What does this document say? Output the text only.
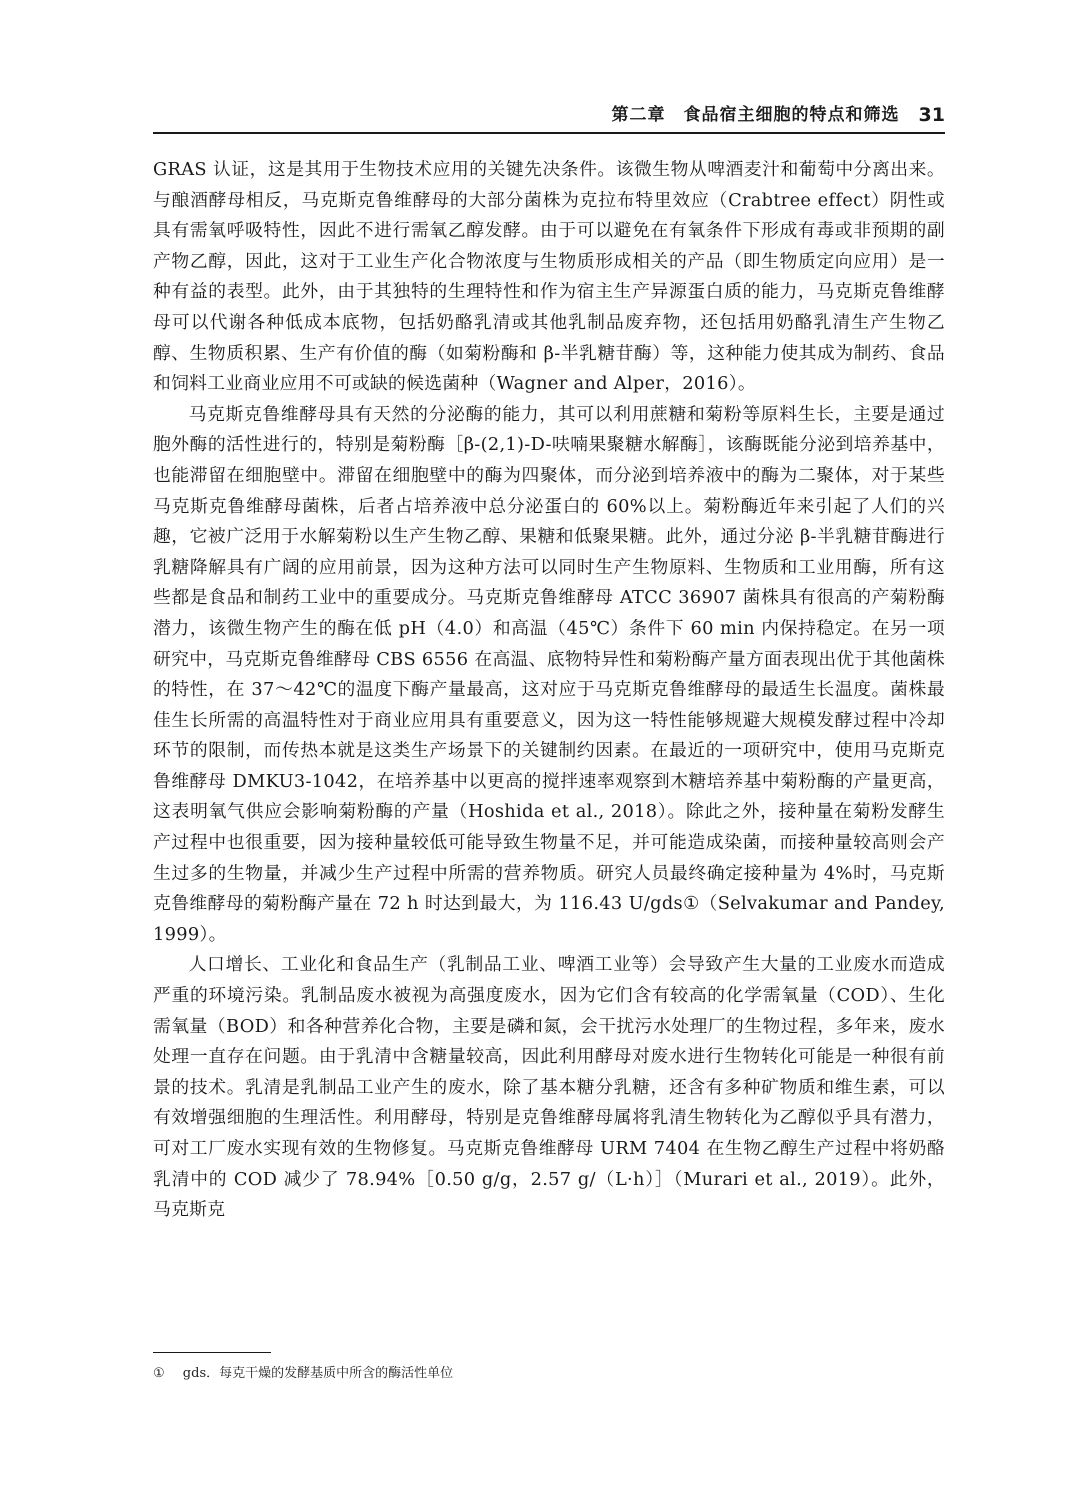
第二章　食品宿主细胞的特点和筛选 31

GRAS 认证，这是其用于生物技术应用的关键先决条件。该微生物从啤酒麦汁和葡萄中分离出来。与酿酒酵母相反，马克斯克鲁维酵母的大部分菌株为克拉布特里效应（Crabtree effect）阴性或具有需氧呼吸特性，因此不进行需氧乙醇发酵。由于可以避免在有氧条件下形成有毒或非预期的副产物乙醇，因此，这对于工业生产化合物浓度与生物质形成相关的产品（即生物质定向应用）是一种有益的表型。此外，由于其独特的生理特性和作为宿主生产异源蛋白质的能力，马克斯克鲁维酵母可以代谢各种低成本底物，包括奶酪乳清或其他乳制品废弃物，还包括用奶酪乳清生产生物乙醇、生物质积累、生产有价值的酶（如菊粉酶和 β-半乳糖苷酶）等，这种能力使其成为制药、食品和饲料工业商业应用不可或缺的候选菌种（Wagner and Alper，2016）。

马克斯克鲁维酵母具有天然的分泌酶的能力，其可以利用蔗糖和菊粉等原料生长，主要是通过胞外酶的活性进行的，特别是菊粉酶［β-(2,1)-D-呋喃果聚糖水解酶］，该酶既能分泌到培养基中，也能滞留在细胞壁中。滞留在细胞壁中的酶为四聚体，而分泌到培养液中的酶为二聚体，对于某些马克斯克鲁维酵母菌株，后者占培养液中总分泌蛋白的 60%以上。菊粉酶近年来引起了人们的兴趣，它被广泛用于水解菊粉以生产生物乙醇、果糖和低聚果糖。此外，通过分泌 β-半乳糖苷酶进行乳糖降解具有广阔的应用前景，因为这种方法可以同时生产生物原料、生物质和工业用酶，所有这些都是食品和制药工业中的重要成分。马克斯克鲁维酵母 ATCC 36907 菌株具有很高的产菊粉酶潜力，该微生物产生的酶在低 pH（4.0）和高温（45℃）条件下 60 min 内保持稳定。在另一项研究中，马克斯克鲁维酵母 CBS 6556 在高温、底物特异性和菊粉酶产量方面表现出优于其他菌株的特性，在 37～42℃的温度下酶产量最高，这对应于马克斯克鲁维酵母的最适生长温度。菌株最佳生长所需的高温特性对于商业应用具有重要意义，因为这一特性能够规避大规模发酵过程中冷却环节的限制，而传热本就是这类生产场景下的关键制约因素。在最近的一项研究中，使用马克斯克鲁维酵母 DMKU3-1042，在培养基中以更高的搅拌速率观察到木糖培养基中菊粉酶的产量更高，这表明氧气供应会影响菊粉酶的产量（Hoshida et al., 2018）。除此之外，接种量在菊粉发酵生产过程中也很重要，因为接种量较低可能导致生物量不足，并可能造成染菌，而接种量较高则会产生过多的生物量，并减少生产过程中所需的营养物质。研究人员最终确定接种量为 4%时，马克斯克鲁维酵母的菊粉酶产量在 72 h 时达到最大，为 116.43 U/gds①（Selvakumar and Pandey, 1999）。

人口增长、工业化和食品生产（乳制品工业、啤酒工业等）会导致产生大量的工业废水而造成严重的环境污染。乳制品废水被视为高强度废水，因为它们含有较高的化学需氧量（COD）、生化需氧量（BOD）和各种营养化合物，主要是磷和氮，会干扰污水处理厂的生物过程，多年来，废水处理一直存在问题。由于乳清中含糖量较高，因此利用酵母对废水进行生物转化可能是一种很有前景的技术。乳清是乳制品工业产生的废水，除了基本糖分乳糖，还含有多种矿物质和维生素，可以有效增强细胞的生理活性。利用酵母，特别是克鲁维酵母属将乳清生物转化为乙醇似乎具有潜力，可对工厂废水实现有效的生物修复。马克斯克鲁维酵母 URM 7404 在生物乙醇生产过程中将奶酪乳清中的 COD 减少了 78.94%［0.50 g/g，2.57 g/（L·h）］（Murari et al., 2019）。此外，马克斯克

① gds．每克干燥的发酵基质中所含的酶活性单位
